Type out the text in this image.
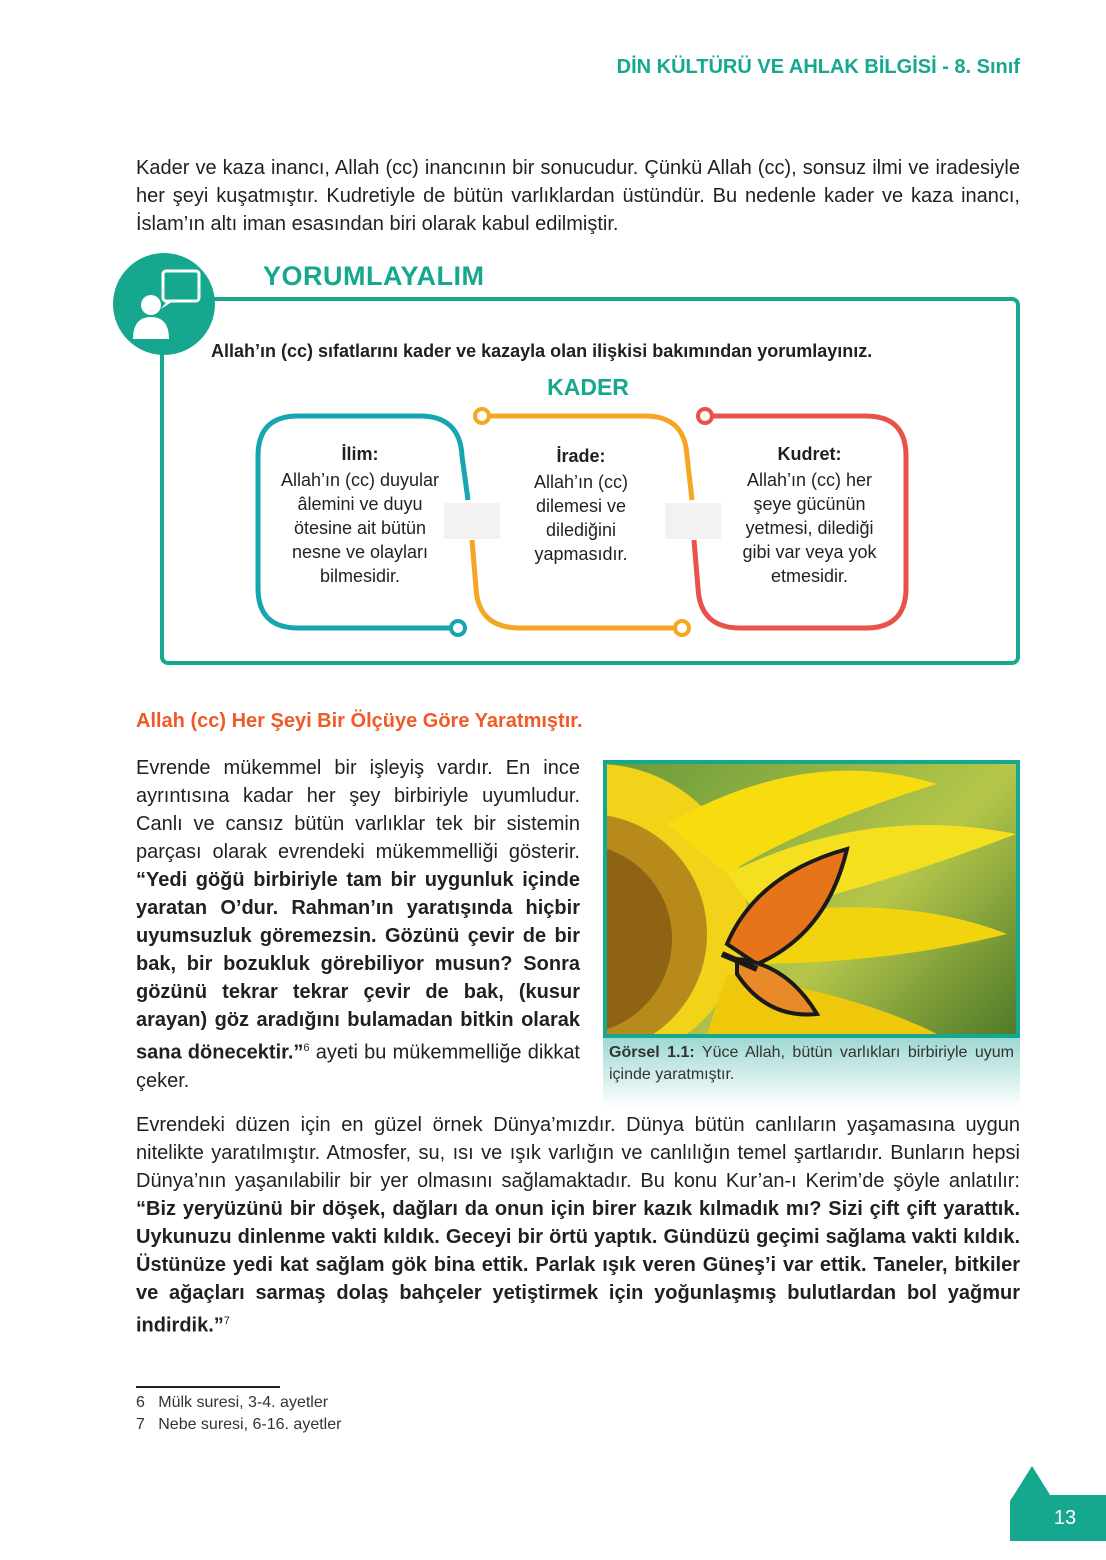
DİN KÜLTÜRÜ VE AHLAK BİLGİSİ - 8. Sınıf

Kader ve kaza inancı, Allah (cc) inancının bir sonucudur. Çünkü Allah (cc), sonsuz ilmi ve iradesiyle her şeyi kuşatmıştır. Kudretiyle de bütün varlıklardan üstündür. Bu nedenle kader ve kaza inancı, İslam’ın altı iman esasından biri olarak kabul edilmiştir.

YORUMLAYALIM
Allah’ın (cc) sıfatlarını kader ve kazayla olan ilişkisi bakımından yorumlayınız.
KADER
İlim:
Allah’ın (cc) duyular âlemini ve duyu ötesine ait bütün nesne ve olayları bilmesidir.
İrade:
Allah’ın (cc) dilemesi ve dilediğini yapmasıdır.
Kudret:
Allah’ın (cc) her şeye gücünün yetmesi, dilediği gibi var veya yok etmesidir.
Allah (cc) Her Şeyi Bir Ölçüye Göre Yaratmıştır.
Görsel 1.1: Yüce Allah, bütün varlıkları birbiriyle uyum içinde yaratmıştır.

Evrende mükemmel bir işleyiş vardır. En ince ayrıntısına kadar her şey birbiriyle uyumludur. Canlı ve cansız bütün varlıklar tek bir sistemin parçası olarak evrendeki mükemmelliği gösterir. “Yedi göğü birbiriyle tam bir uygunluk içinde yaratan O’dur. Rahman’ın yaratışında hiçbir uyumsuzluk göremezsin. Gözünü çevir de bir bak, bir bozukluk görebiliyor musun? Sonra gözünü tekrar tekrar çevir de bak, (kusur arayan) göz aradığını bulamadan bitkin olarak sana dönecektir.”$^6$ ayeti bu mükemmelliğe dikkat çeker.

Evrendeki düzen için en güzel örnek Dünya’mızdır. Dünya bütün canlıların yaşamasına uygun nitelikte yaratılmıştır. Atmosfer, su, ısı ve ışık varlığın ve canlılığın temel şartlarıdır. Bunların hepsi Dünya’nın yaşanılabilir bir yer olmasını sağlamaktadır. Bu konu Kur’an-ı Kerim’de şöyle anlatılır: “Biz yeryüzünü bir döşek, dağları da onun için birer kazık kılmadık mı? Sizi çift çift yarattık. Uykunuzu dinlenme vakti kıldık. Geceyi bir örtü yaptık. Gündüzü geçimi sağlama vakti kıldık. Üstünüze yedi kat sağlam gök bina ettik. Parlak ışık veren Güneş’i var ettik. Taneler, bitkiler ve ağaçları sarmaş dolaş bahçeler yetiştirmek için yoğunlaşmış bulutlardan bol yağmur indirdik.”$^7$

6   Mülk suresi, 3-4. ayetler
7   Nebe suresi, 6-16. ayetler
13
